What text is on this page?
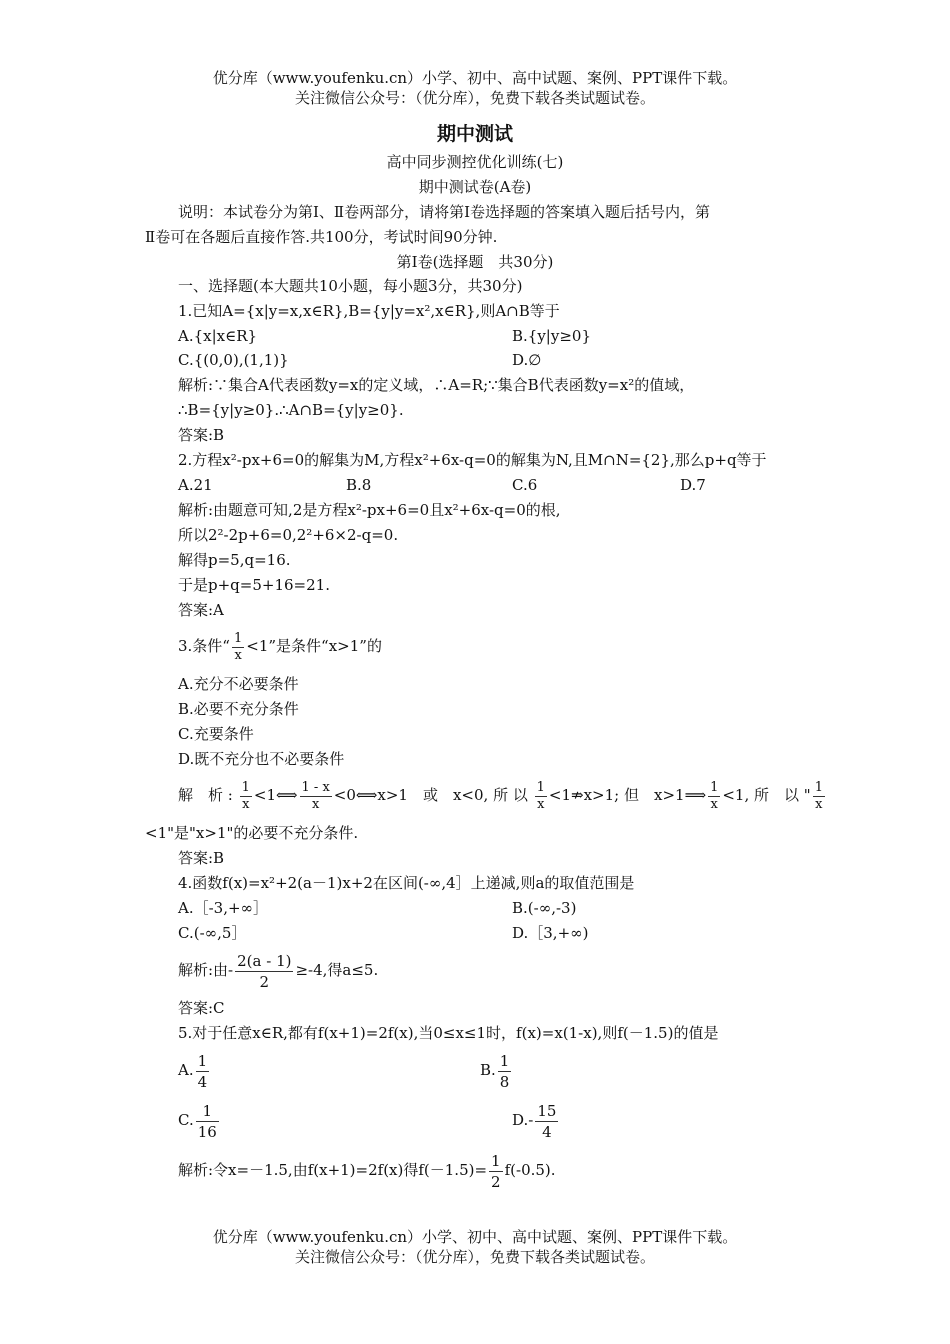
优分库（www.youfenku.cn）小学、初中、高中试题、案例、PPT课件下载。
关注微信公众号：（优分库），免费下载各类试题试卷。
期中测试
高中同步测控优化训练(七)
期中测试卷(A卷)
说明：本试卷分为第Ⅰ、Ⅱ卷两部分，请将第Ⅰ卷选择题的答案填入题后括号内，第
Ⅱ卷可在各题后直接作答.共100分，考试时间90分钟.
第Ⅰ卷(选择题　共30分)
一、选择题(本大题共10小题，每小题3分，共30分)
1.已知A={x|y=x,x∈R},B={y|y=x²,x∈R},则A∩B等于
A.{x|x∈R}	B.{y|y≥0}
C.{(0,0),(1,1)}	D.∅
解析:∵集合A代表函数y=x的定义域，∴A=R;∵集合B代表函数y=x²的值域，
∴B={y|y≥0}.∴A∩B={y|y≥0}.
答案:B
2.方程x²-px+6=0的解集为M,方程x²+6x-q=0的解集为N,且M∩N={2},那么p+q等于
A.21	B.8	C.6	D.7
解析:由题意可知,2是方程x²-px+6=0且x²+6x-q=0的根,
所以2²-2p+6=0,2²+6×2-q=0.
解得p=5,q=16.
于是p+q=5+16=21.
答案:A
3.条件“ $\frac{1}{x} <1$”是条件“x>1”的
A.充分不必要条件
B.必要不充分条件
C.充要条件
D.既不充分也不必要条件
解　析 : $\frac{1}{x}$ <1⟺ $\frac{1 - x}{x}$ <0⟺x>1　或　x<0, 所 以 $\frac{1}{x}$ <1⇏x>1; 但　x>1⟹ $\frac{1}{x} <1$, 所　以 " $\frac{1}{x}$
<1"是"x>1"的必要不充分条件.
答案:B
4.函数f(x)=x²+2(a－1)x+2在区间(-∞,4］上递减,则a的取值范围是
A.［-3,+∞］	B.(-∞,-3)
C.(-∞,5］	D.［3,+∞)
解析:由- $\frac{2(a - 1)}{2} \ge-4$,得a≤5.
答案:C
5.对于任意x∈R,都有f(x+1)=2f(x),当0≤x≤1时，f(x)=x(1-x),则f(－1.5)的值是
A. $\frac{1}{4}$	B. $\frac{1}{8}$
C. $\frac{1}{16}$	$D.- \frac{15}{4}$
解析:令x=－1.5,由f(x+1)=2f(x)得$f(-1.5)= \frac{1}{2} f(-0.5)$.
优分库（www.youfenku.cn）小学、初中、高中试题、案例、PPT课件下载。
关注微信公众号：（优分库），免费下载各类试题试卷。
